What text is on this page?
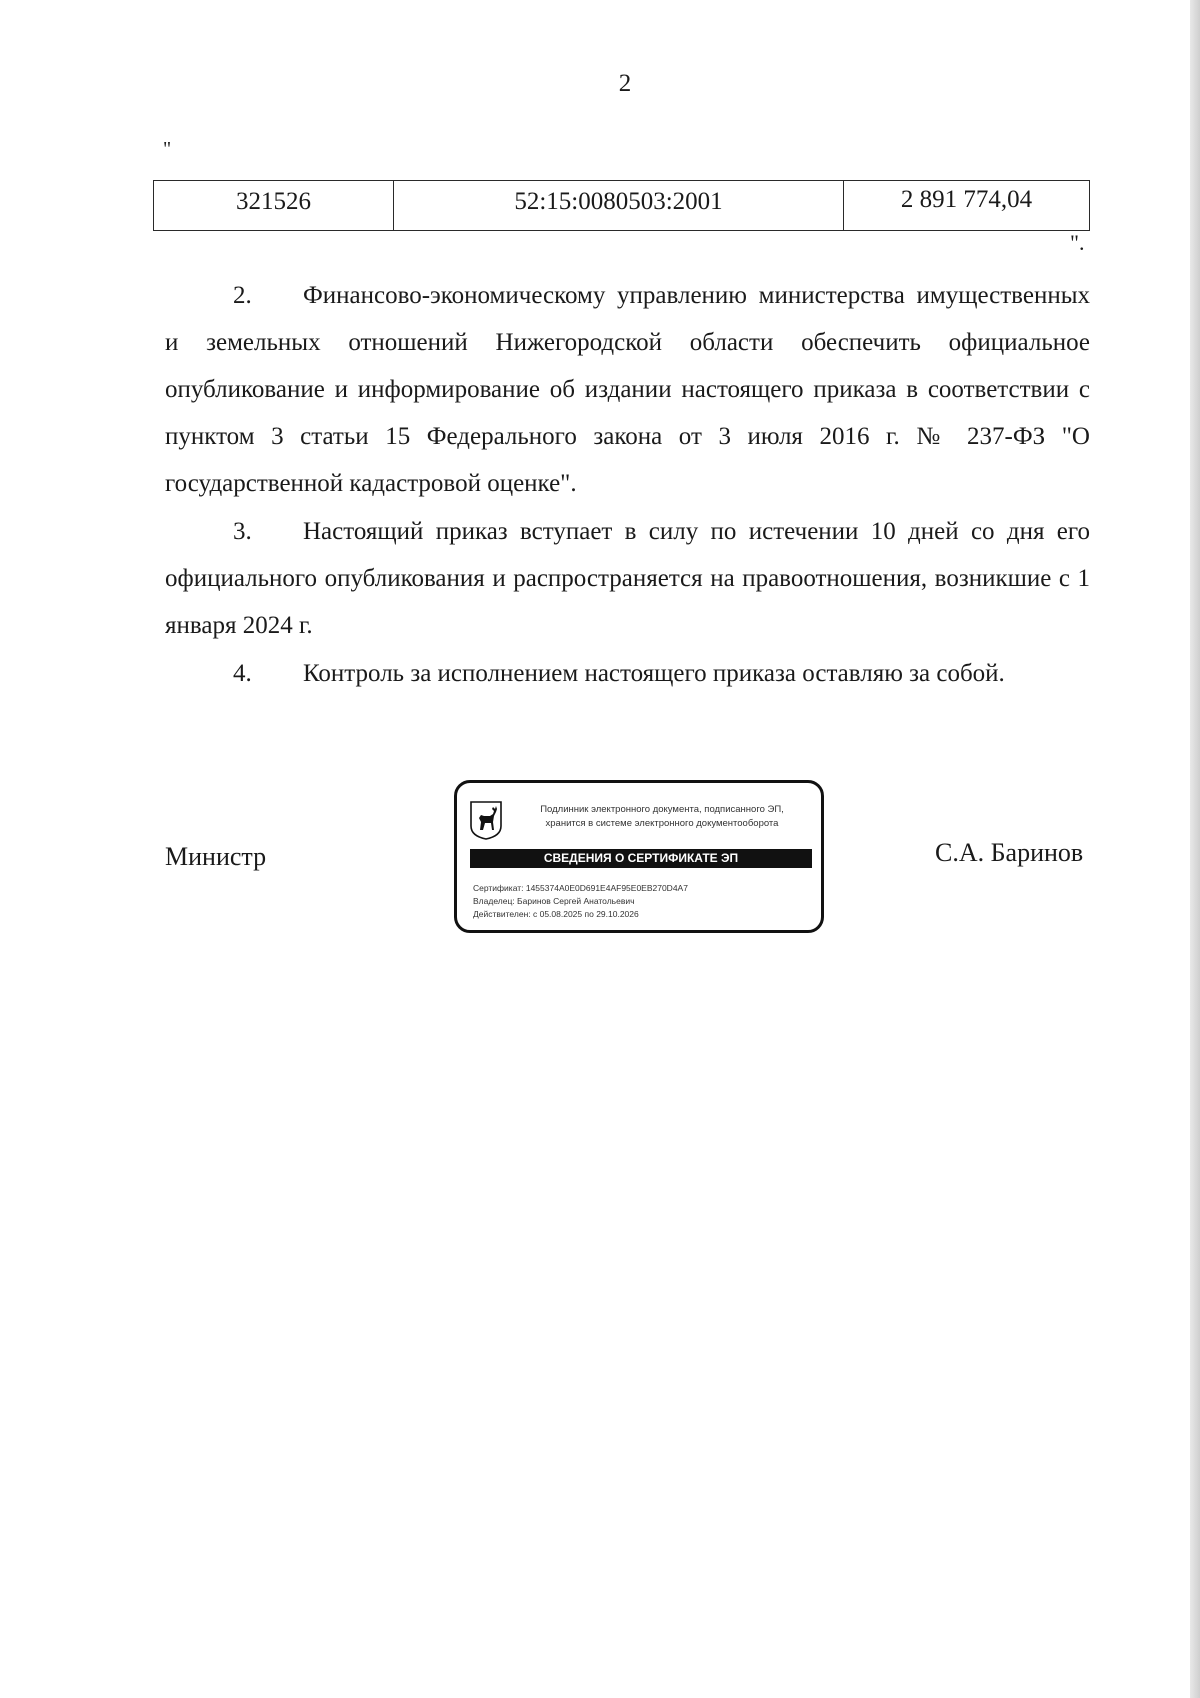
2
"
321526	52:15:0080503:2001	2 891 774,04
".

2. Финансово-экономическому управлению министерства имущественных и земельных отношений Нижегородской области обеспечить официальное опубликование и информирование об издании настоящего приказа в соответствии с пунктом 3 статьи 15 Федерального закона от 3 июля 2016 г. № 237-ФЗ "О государственной кадастровой оценке".

3. Настоящий приказ вступает в силу по истечении 10 дней со дня его официального опубликования и распространяется на правоотношения, возникшие с 1 января 2024 г.

4. Контроль за исполнением настоящего приказа оставляю за собой.

Министр	С.А. Баринов
Подлинник электронного документа, подписанного ЭП,
хранится в системе электронного документооборота
СВЕДЕНИЯ О СЕРТИФИКАТЕ ЭП
Сертификат: 1455374A0E0D691E4AF95E0EB270D4A7
Владелец: Баринов Сергей Анатольевич
Действителен: с 05.08.2025 по 29.10.2026
